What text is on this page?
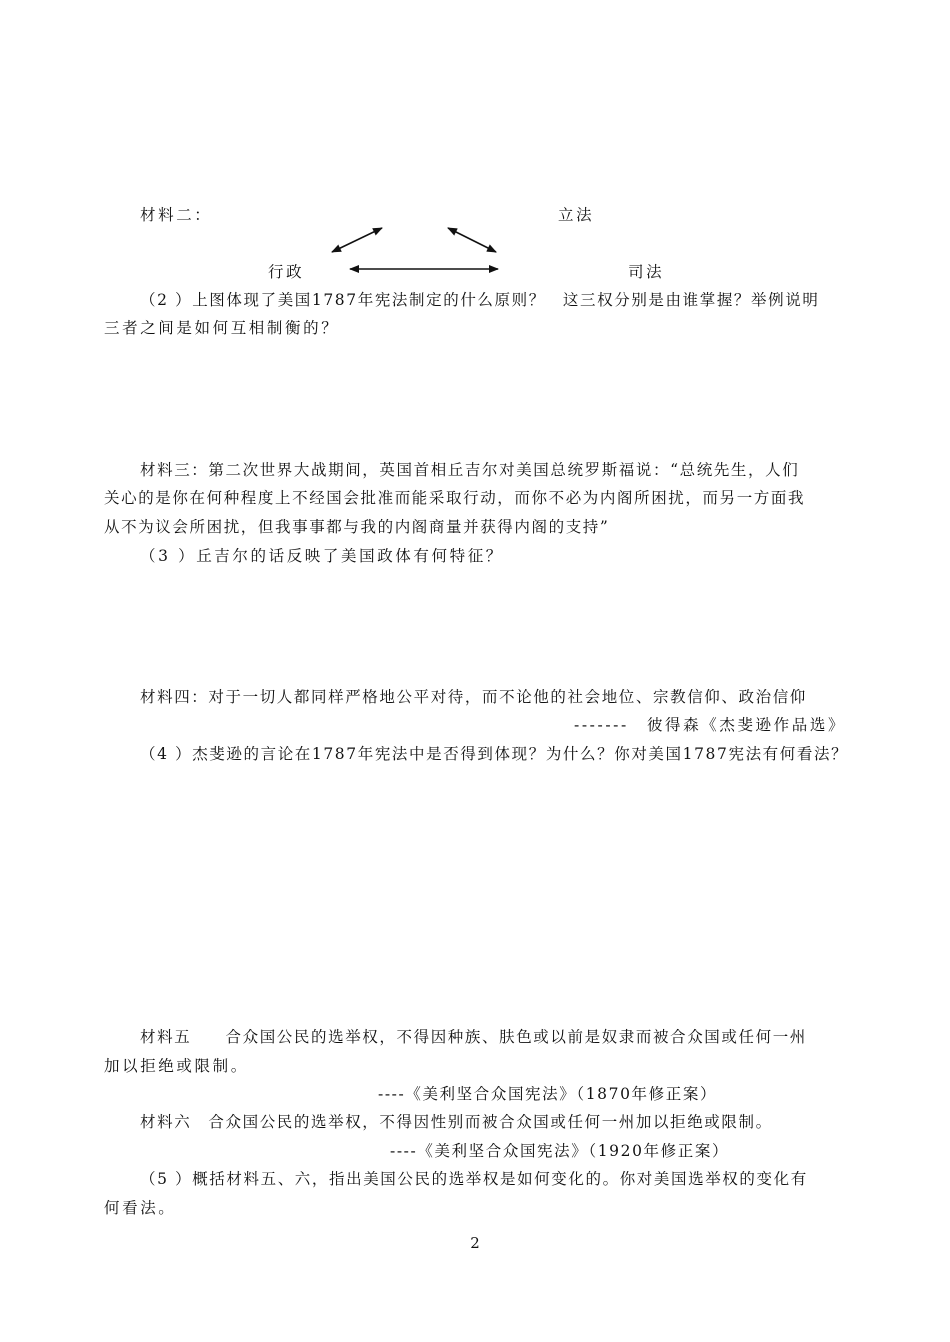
材料二：	立法
行政	司法
（2 ）上图体现了美国1787年宪法制定的什么原则？　这三权分别是由谁掌握？举例说明
三者之间是如何互相制衡的？
材料三：第二次世界大战期间，英国首相丘吉尔对美国总统罗斯福说：“总统先生，人们
关心的是你在何种程度上不经国会批准而能采取行动，而你不必为内阁所困扰，而另一方面我
从不为议会所困扰，但我事事都与我的内阁商量并获得内阁的支持”
（3 ）丘吉尔的话反映了美国政体有何特征？
材料四：对于一切人都同样严格地公平对待，而不论他的社会地位、宗教信仰、政治信仰
-------　彼得森《杰斐逊作品选》
（4 ）杰斐逊的言论在1787年宪法中是否得到体现？为什么？你对美国1787宪法有何看法？
材料五　　合众国公民的选举权，不得因种族、肤色或以前是奴隶而被合众国或任何一州
加以拒绝或限制。
----《美利坚合众国宪法》（1870年修正案）
材料六　合众国公民的选举权，不得因性别而被合众国或任何一州加以拒绝或限制。
----《美利坚合众国宪法》（1920年修正案）
（5 ）概括材料五、六，指出美国公民的选举权是如何变化的。你对美国选举权的变化有
何看法。
2
